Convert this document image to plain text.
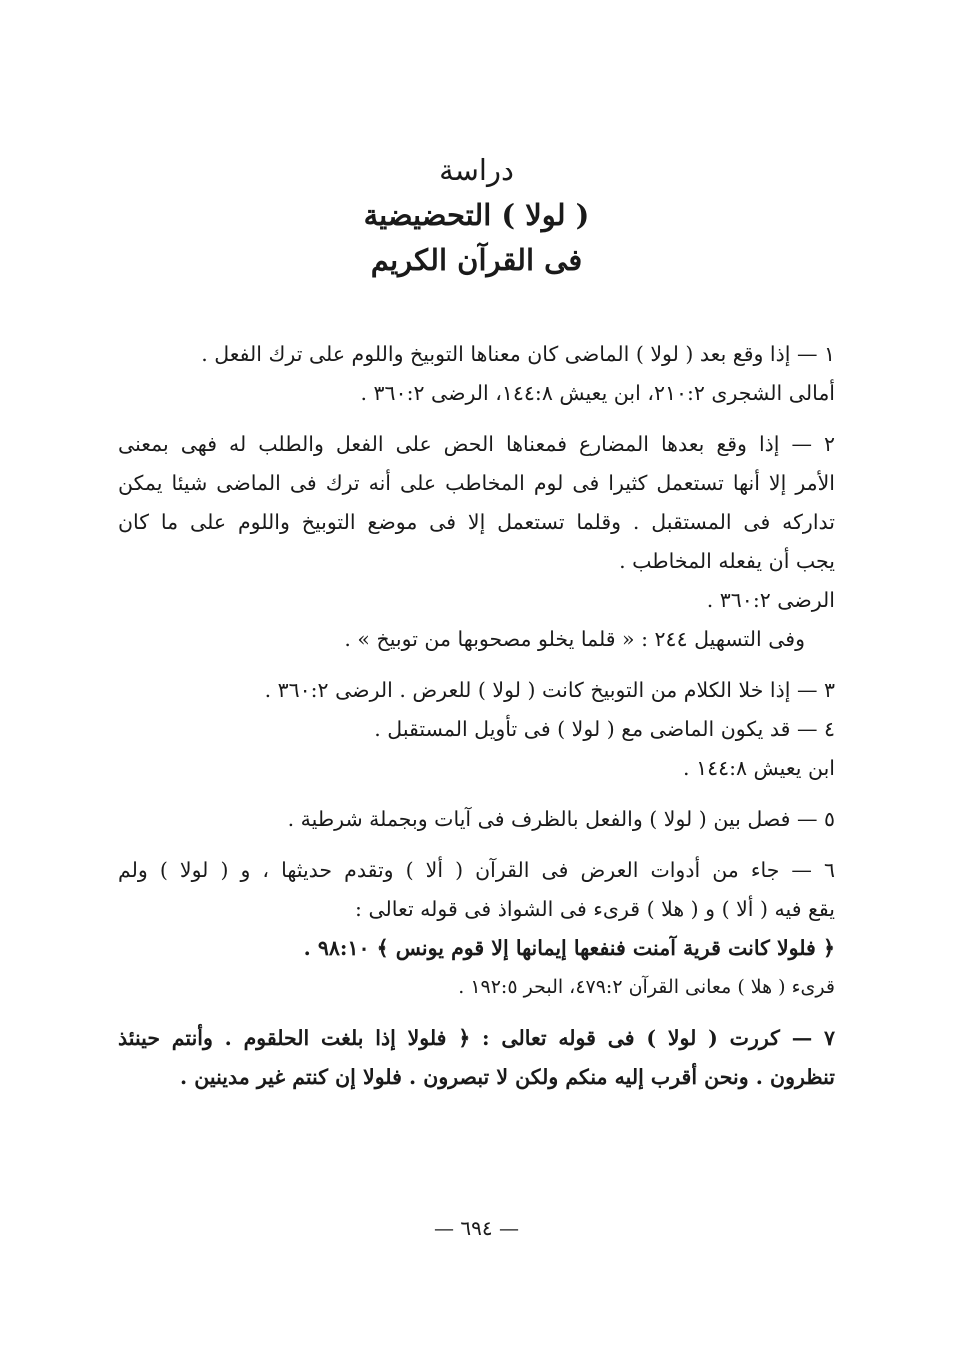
دراسة
( لولا ) التحضيضية
فى القرآن الكريم
١ — إذا وقع بعد ( لولا ) الماضى كان معناها التوبيخ واللوم على ترك الفعل .
أمالى الشجرى ٢١٠:٢، ابن يعيش ١٤٤:٨، الرضى ٣٦٠:٢ .
٢ — إذا وقع بعدها المضارع فمعناها الحض على الفعل والطلب له فهى بمعنى
الأمر إلا أنها تستعمل كثيرا فى لوم المخاطب على أنه ترك فى الماضى شيئا يمكن
تداركه فى المستقبل . وقلما تستعمل إلا فى موضع التوبيخ واللوم على ما كان
يجب أن يفعله المخاطب .
الرضى ٣٦٠:٢ .
وفى التسهيل ٢٤٤ : « قلما يخلو مصحوبها من توبيخ » .
٣ — إذا خلا الكلام من التوبيخ كانت ( لولا ) للعرض . الرضى ٣٦٠:٢ .
٤ — قد يكون الماضى مع ( لولا ) فى تأويل المستقبل .
ابن يعيش ١٤٤:٨ .
٥ — فصل بين ( لولا ) والفعل بالظرف فى آيات وبجملة شرطية .
٦ — جاء من أدوات العرض فى القرآن ( ألا ) وتقدم حديثها ، و ( لولا ) ولم
يقع فيه ( ألا ) و ( هلا ) قرىء فى الشواذ فى قوله تعالى :
﴿ فلولا كانت قرية آمنت فنفعها إيمانها إلا قوم يونس ﴾ ٩٨:١٠ .
قرىء ( هلا ) معانى القرآن ٤٧٩:٢، البحر ١٩٢:٥ .
٧ — كررت ( لولا ) فى قوله تعالى : ﴿ فلولا إذا بلغت الحلقوم . وأنتم حينئذ
تنظرون . ونحن أقرب إليه منكم ولكن لا تبصرون . فلولا إن كنتم غير مدينين .
— ٦٩٤ —
